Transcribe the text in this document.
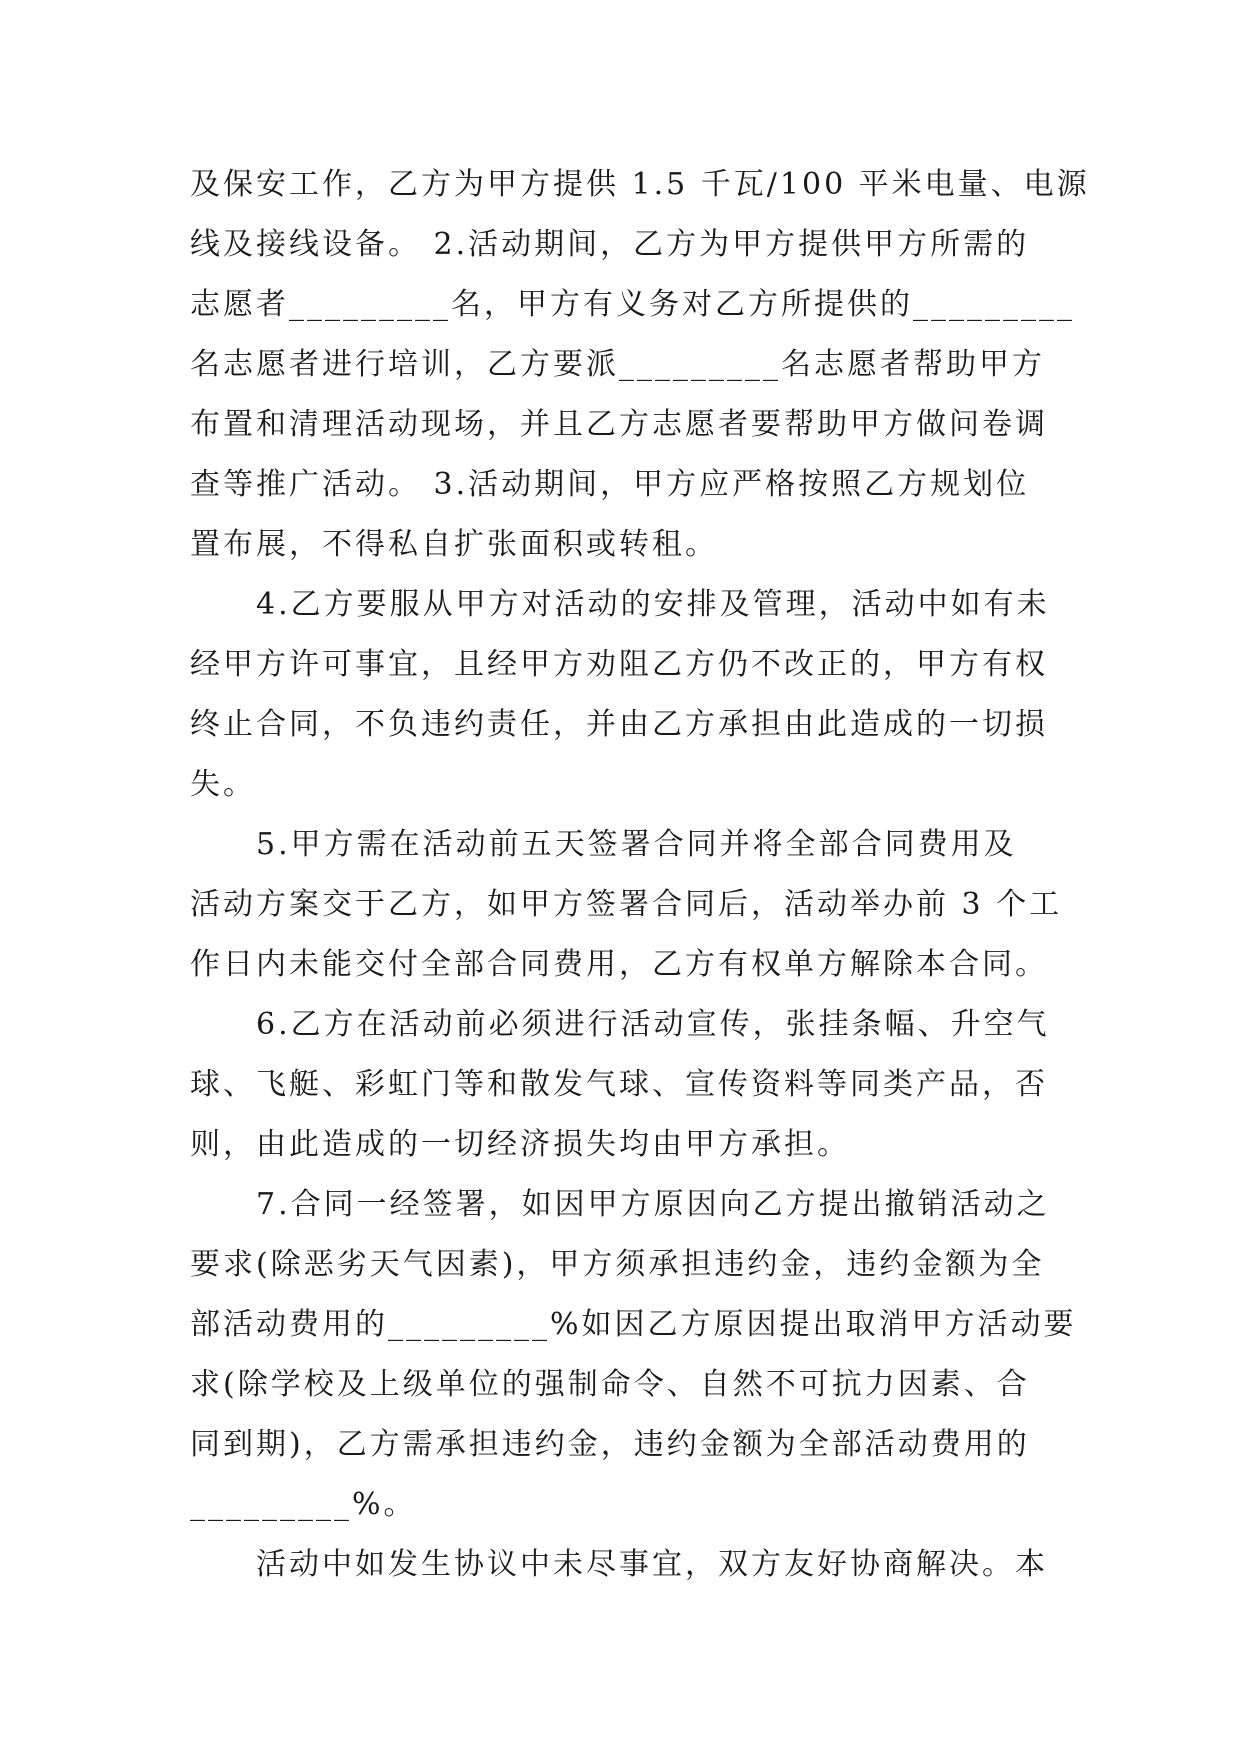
及保安工作，乙方为甲方提供 1.5 千瓦/100 平米电量、电源
线及接线设备。 2.活动期间，乙方为甲方提供甲方所需的
志愿者_________名，甲方有义务对乙方所提供的_________
名志愿者进行培训，乙方要派_________名志愿者帮助甲方
布置和清理活动现场，并且乙方志愿者要帮助甲方做问卷调
查等推广活动。 3.活动期间，甲方应严格按照乙方规划位
置布展，不得私自扩张面积或转租。
4.乙方要服从甲方对活动的安排及管理，活动中如有未
经甲方许可事宜，且经甲方劝阻乙方仍不改正的，甲方有权
终止合同，不负违约责任，并由乙方承担由此造成的一切损
失。
5.甲方需在活动前五天签署合同并将全部合同费用及
活动方案交于乙方，如甲方签署合同后，活动举办前 3 个工
作日内未能交付全部合同费用，乙方有权单方解除本合同。
6.乙方在活动前必须进行活动宣传，张挂条幅、升空气
球、飞艇、彩虹门等和散发气球、宣传资料等同类产品，否
则，由此造成的一切经济损失均由甲方承担。
7.合同一经签署，如因甲方原因向乙方提出撤销活动之
要求(除恶劣天气因素)，甲方须承担违约金，违约金额为全
部活动费用的_________%如因乙方原因提出取消甲方活动要
求(除学校及上级单位的强制命令、自然不可抗力因素、合
同到期)，乙方需承担违约金，违约金额为全部活动费用的
_________%。
活动中如发生协议中未尽事宜，双方友好协商解决。本
